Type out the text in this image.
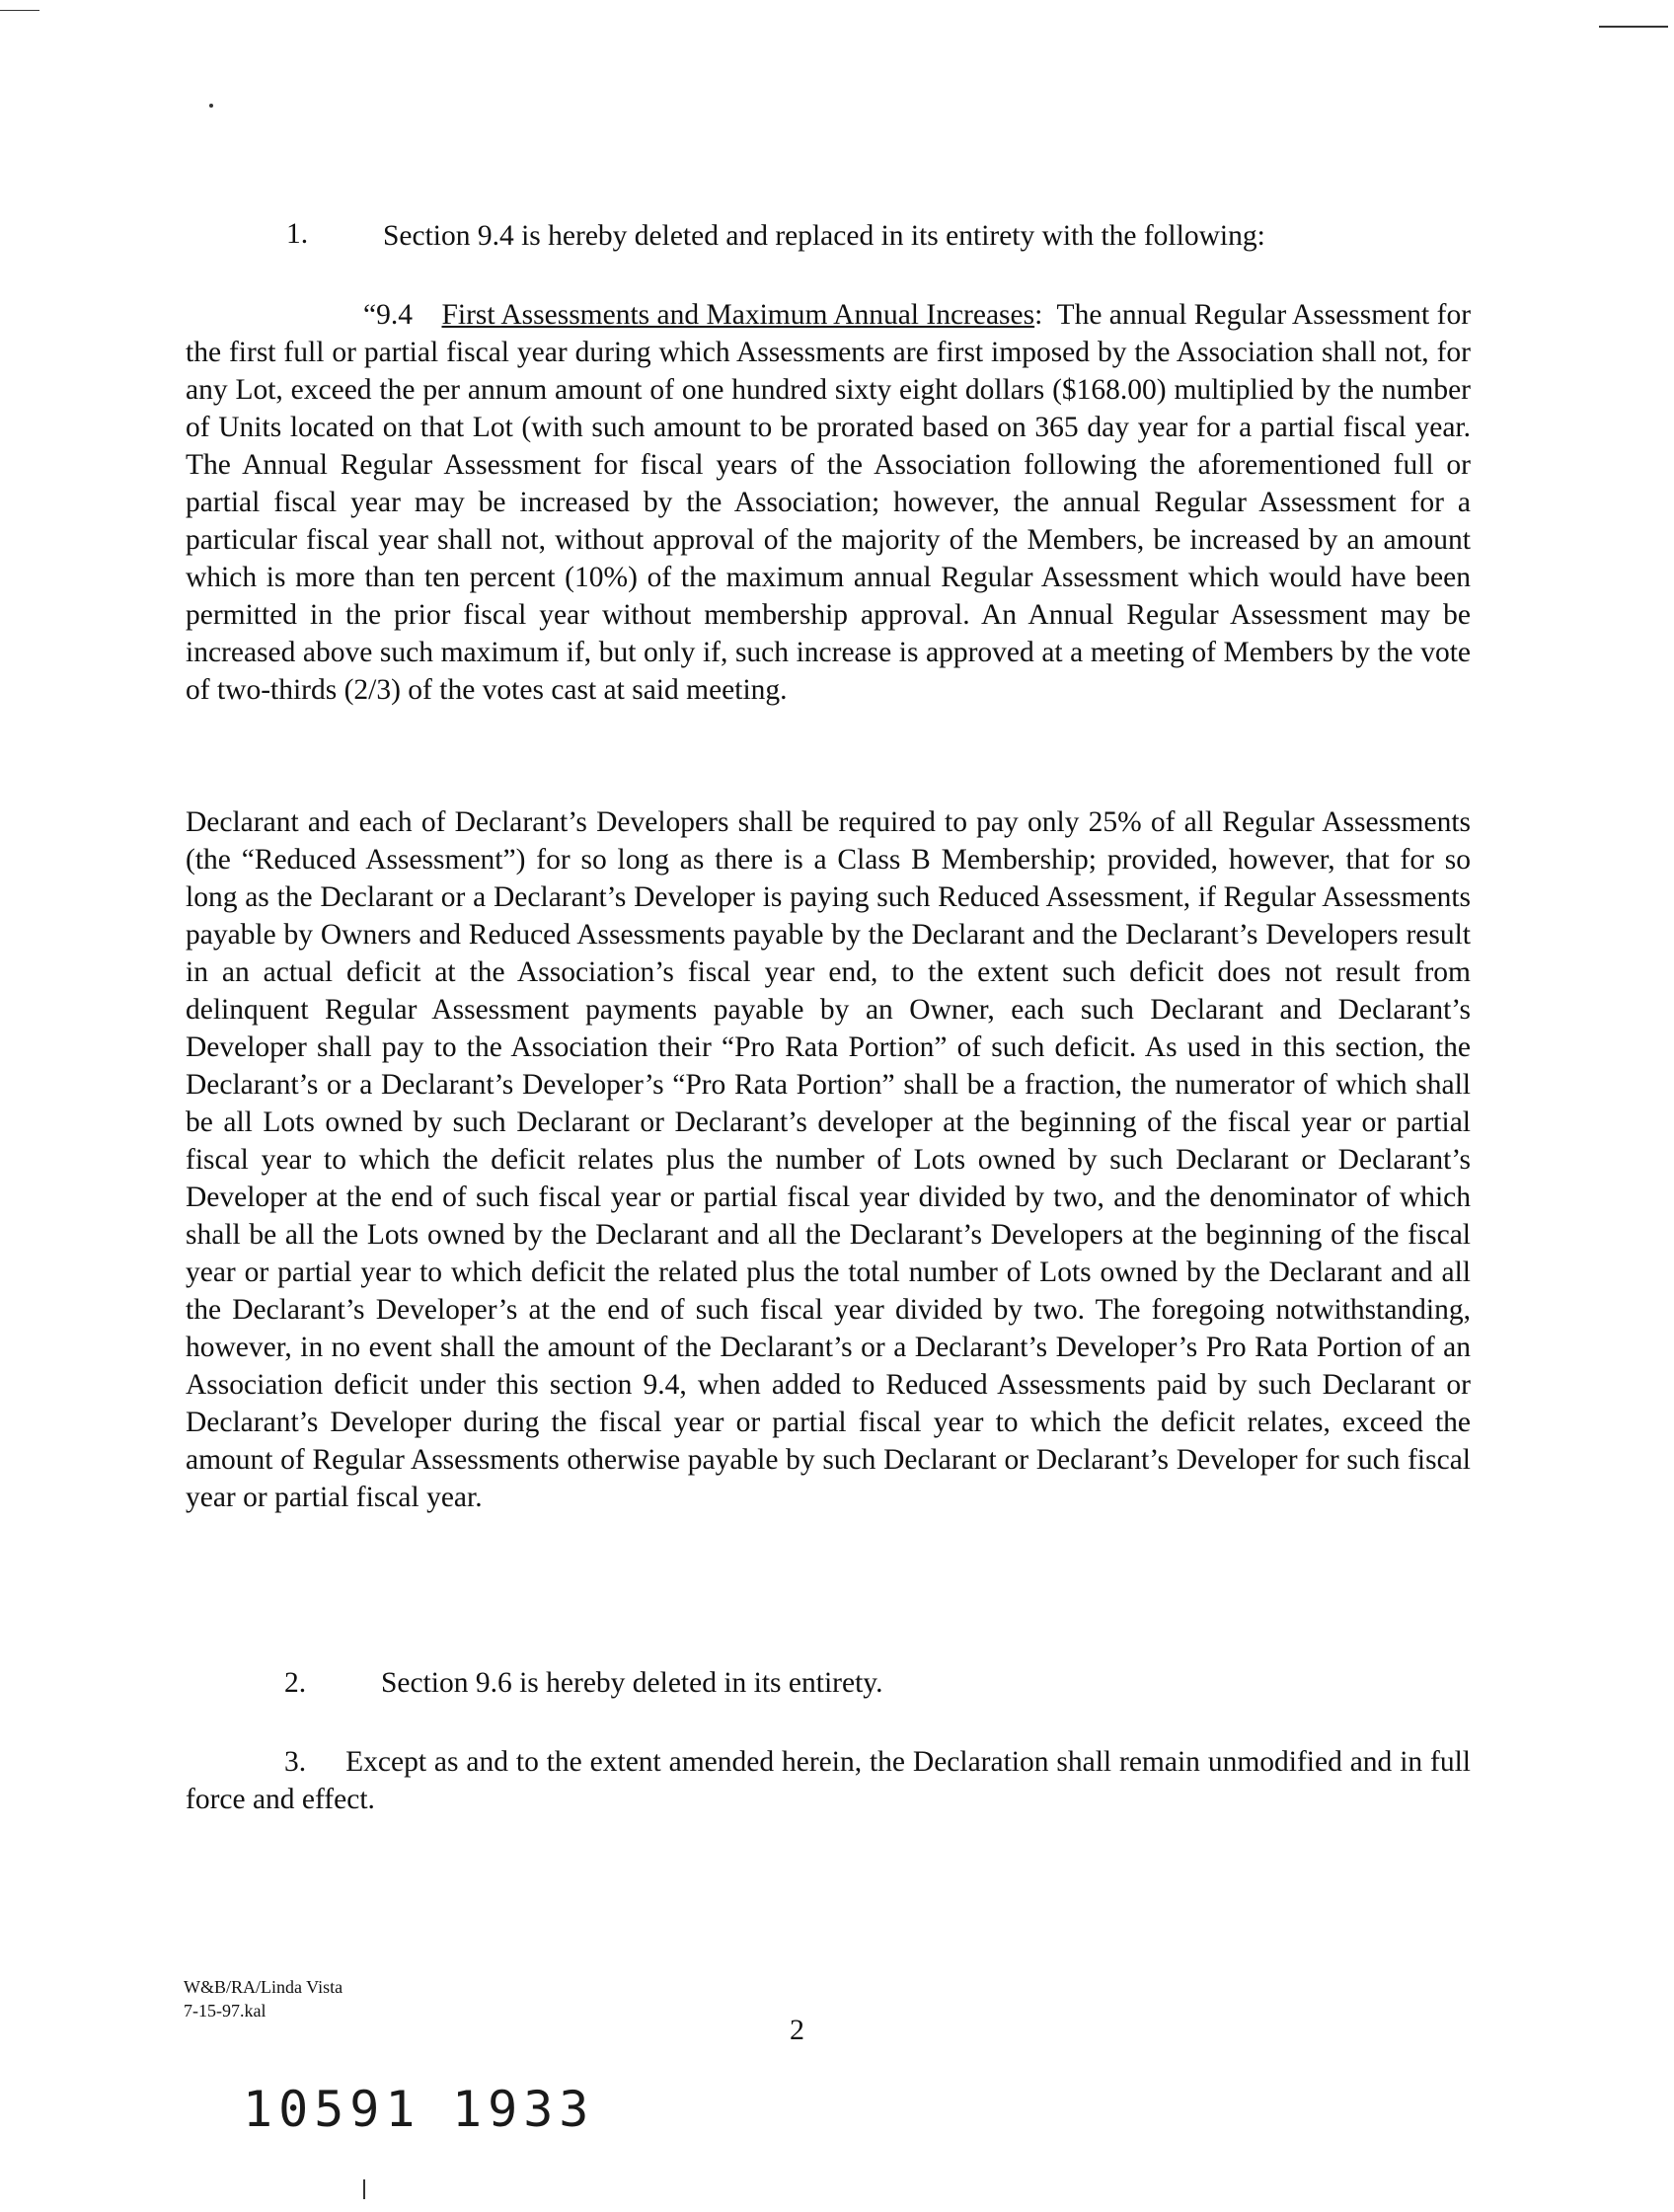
1.	Section 9.4 is hereby deleted and replaced in its entirety with the following:

“9.4 First Assessments and Maximum Annual Increases: The annual Regular Assessment for the first full or partial fiscal year during which Assessments are first imposed by the Association shall not, for any Lot, exceed the per annum amount of one hundred sixty eight dollars ($168.00) multiplied by the number of Units located on that Lot (with such amount to be prorated based on 365 day year for a partial fiscal year. The Annual Regular Assessment for fiscal years of the Association following the aforementioned full or partial fiscal year may be increased by the Association; however, the annual Regular Assessment for a particular fiscal year shall not, without approval of the majority of the Members, be increased by an amount which is more than ten percent (10%) of the maximum annual Regular Assessment which would have been permitted in the prior fiscal year without membership approval. An Annual Regular Assessment may be increased above such maximum if, but only if, such increase is approved at a meeting of Members by the vote of two-thirds (2/3) of the votes cast at said meeting.

Declarant and each of Declarant’s Developers shall be required to pay only 25% of all Regular Assessments (the “Reduced Assessment”) for so long as there is a Class B Membership; provided, however, that for so long as the Declarant or a Declarant’s Developer is paying such Reduced Assessment, if Regular Assessments payable by Owners and Reduced Assessments payable by the Declarant and the Declarant’s Developers result in an actual deficit at the Association’s fiscal year end, to the extent such deficit does not result from delinquent Regular Assessment payments payable by an Owner, each such Declarant and Declarant’s Developer shall pay to the Association their “Pro Rata Portion” of such deficit. As used in this section, the Declarant’s or a Declarant’s Developer’s “Pro Rata Portion” shall be a fraction, the numerator of which shall be all Lots owned by such Declarant or Declarant’s developer at the beginning of the fiscal year or partial fiscal year to which the deficit relates plus the number of Lots owned by such Declarant or Declarant’s Developer at the end of such fiscal year or partial fiscal year divided by two, and the denominator of which shall be all the Lots owned by the Declarant and all the Declarant’s Developers at the beginning of the fiscal year or partial year to which deficit the related plus the total number of Lots owned by the Declarant and all the Declarant’s Developer’s at the end of such fiscal year divided by two. The foregoing notwithstanding, however, in no event shall the amount of the Declarant’s or a Declarant’s Developer’s Pro Rata Portion of an Association deficit under this section 9.4, when added to Reduced Assessments paid by such Declarant or Declarant’s Developer during the fiscal year or partial fiscal year to which the deficit relates, exceed the amount of Regular Assessments otherwise payable by such Declarant or Declarant’s Developer for such fiscal year or partial fiscal year.

2.	Section 9.6 is hereby deleted in its entirety.

3. Except as and to the extent amended herein, the Declaration shall remain unmodified and in full force and effect.

W&B/RA/Linda Vista
7-15-97.kal
2
10591 1933
